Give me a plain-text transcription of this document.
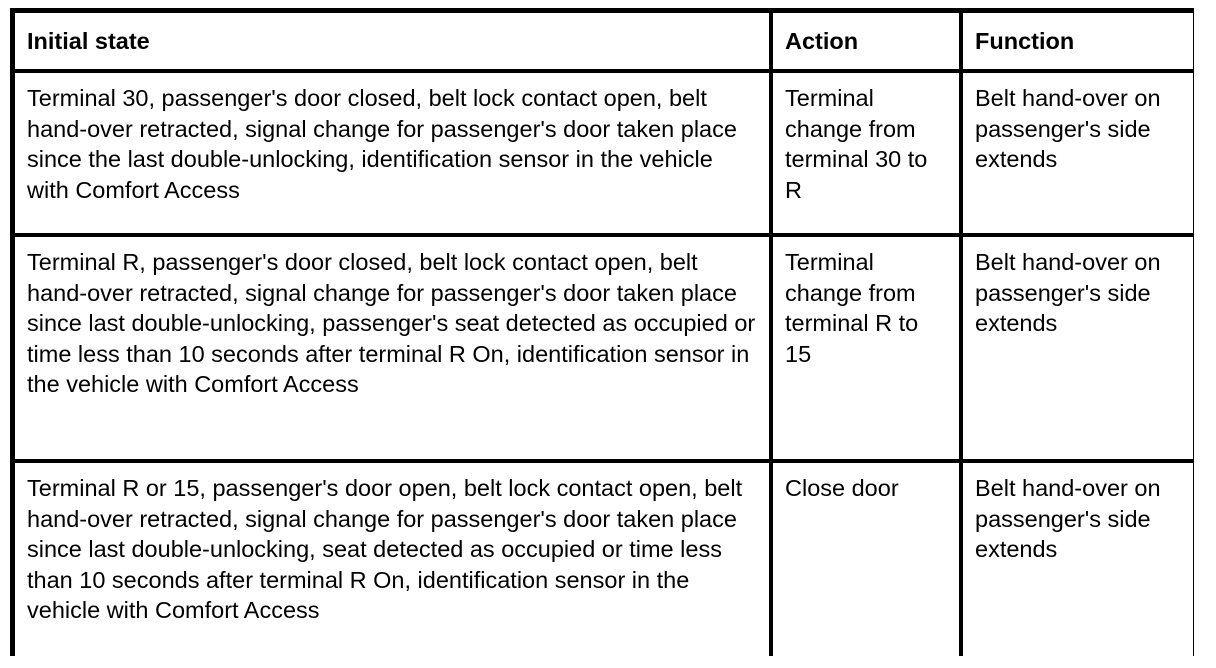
Initial state	Action	Function
Terminal 30, passenger's door closed, belt lock contact open, belt hand-over retracted, signal change for passenger's door taken place since the last double-unlocking, identification sensor in the vehicle with Comfort Access	Terminal change from terminal 30 to R	Belt hand-over on passenger's side extends
Terminal R, passenger's door closed, belt lock contact open, belt hand-over retracted, signal change for passenger's door taken place since last double-unlocking, passenger's seat detected as occupied or time less than 10 seconds after terminal R On, identification sensor in the vehicle with Comfort Access	Terminal change from terminal R to 15	Belt hand-over on passenger's side extends
Terminal R or 15, passenger's door open, belt lock contact open, belt hand-over retracted, signal change for passenger's door taken place since last double-unlocking, seat detected as occupied or time less than 10 seconds after terminal R On, identification sensor in the vehicle with Comfort Access	Close door	Belt hand-over on passenger's side extends
